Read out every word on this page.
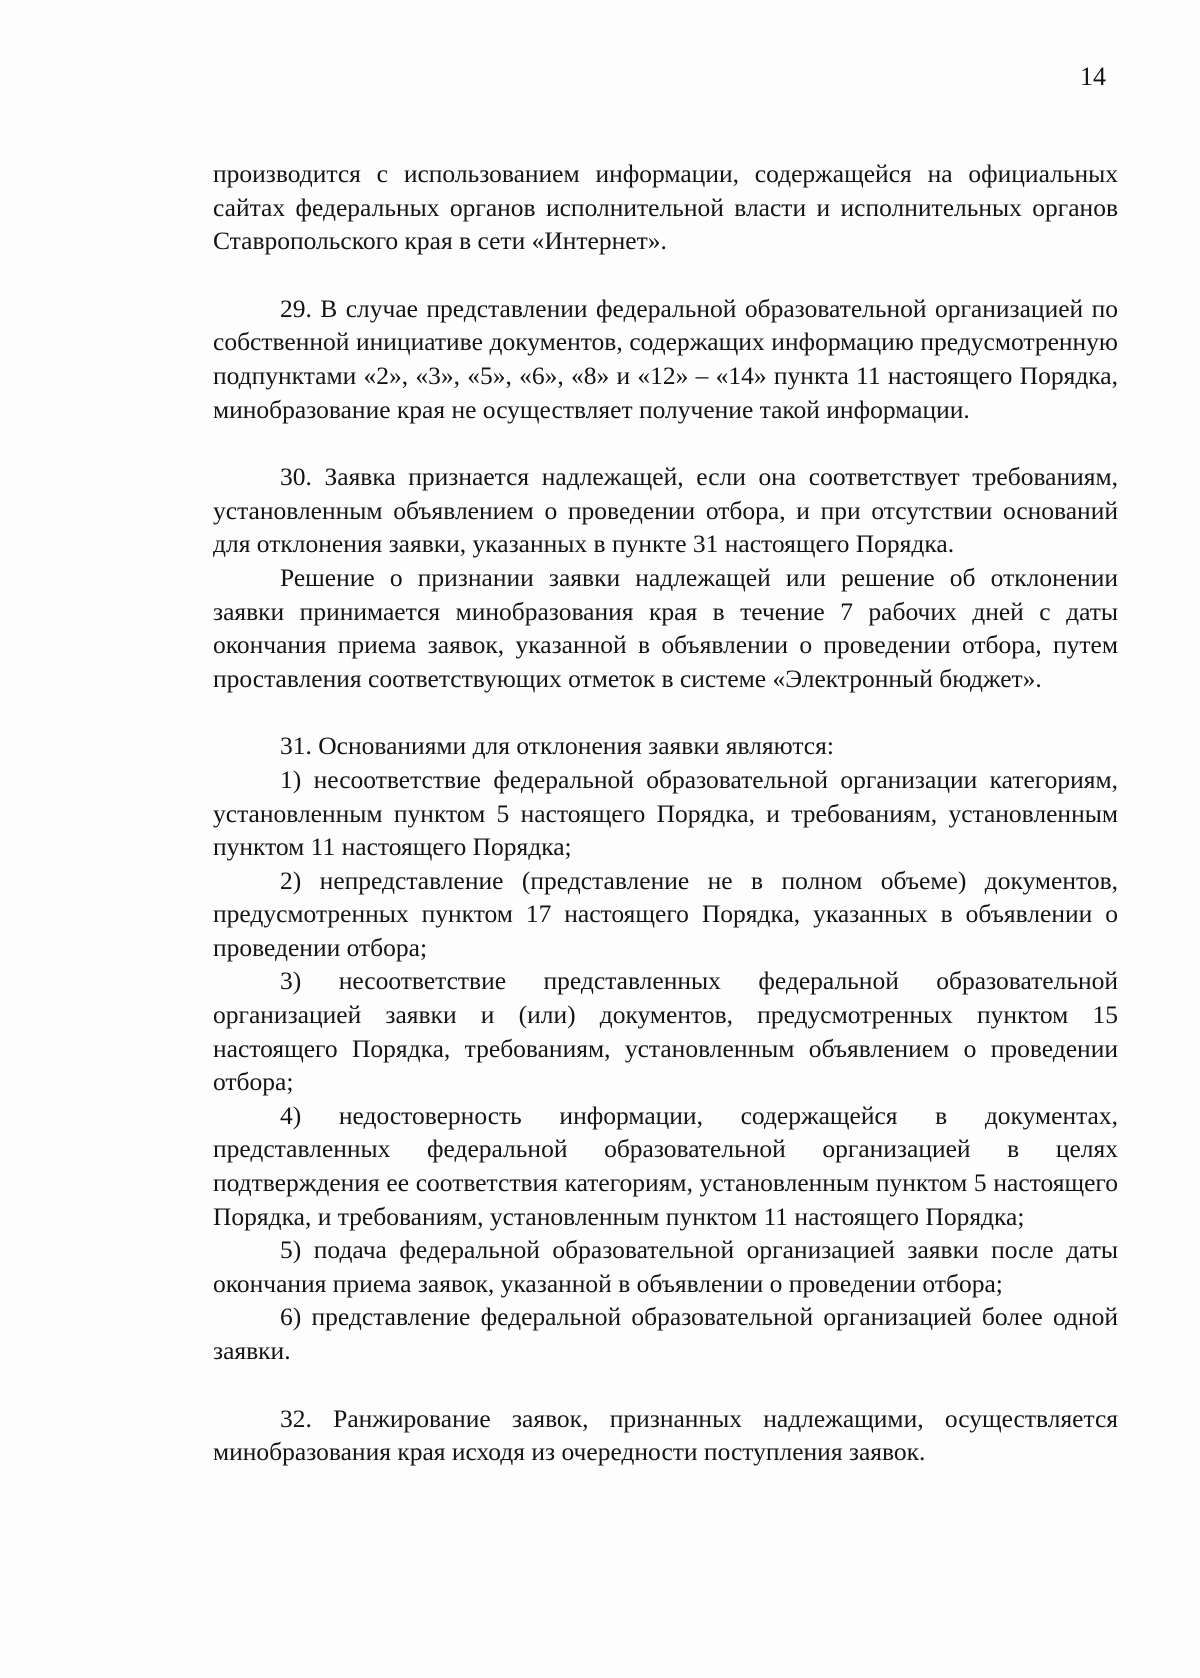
14

производится с использованием информации, содержащейся на официальных сайтах федеральных органов исполнительной власти и исполнительных органов Ставропольского края в сети «Интернет».

29. В случае представлении федеральной образовательной организацией по собственной инициативе документов, содержащих информацию предусмотренную подпунктами «2», «3», «5», «6», «8» и «12» – «14» пункта 11 настоящего Порядка, минобразование края не осуществляет получение такой информации.

30. Заявка признается надлежащей, если она соответствует требованиям, установленным объявлением о проведении отбора, и при отсутствии оснований для отклонения заявки, указанных в пункте 31 настоящего Порядка.

Решение о признании заявки надлежащей или решение об отклонении заявки принимается минобразования края в течение 7 рабочих дней с даты окончания приема заявок, указанной в объявлении о проведении отбора, путем проставления соответствующих отметок в системе «Электронный бюджет».

31. Основаниями для отклонения заявки являются:

1) несоответствие федеральной образовательной организации категориям, установленным пунктом 5 настоящего Порядка, и требованиям, установленным пунктом 11 настоящего Порядка;

2) непредставление (представление не в полном объеме) документов, предусмотренных пунктом 17 настоящего Порядка, указанных в объявлении о проведении отбора;

3) несоответствие представленных федеральной образовательной организацией заявки и (или) документов, предусмотренных пунктом 15 настоящего Порядка, требованиям, установленным объявлением о проведении отбора;

4) недостоверность информации, содержащейся в документах, представленных федеральной образовательной организацией в целях подтверждения ее соответствия категориям, установленным пунктом 5 настоящего Порядка, и требованиям, установленным пунктом 11 настоящего Порядка;

5) подача федеральной образовательной организацией заявки после даты окончания приема заявок, указанной в объявлении о проведении отбора;

6) представление федеральной образовательной организацией более одной заявки.

32. Ранжирование заявок, признанных надлежащими, осуществляется минобразования края исходя из очередности поступления заявок.
